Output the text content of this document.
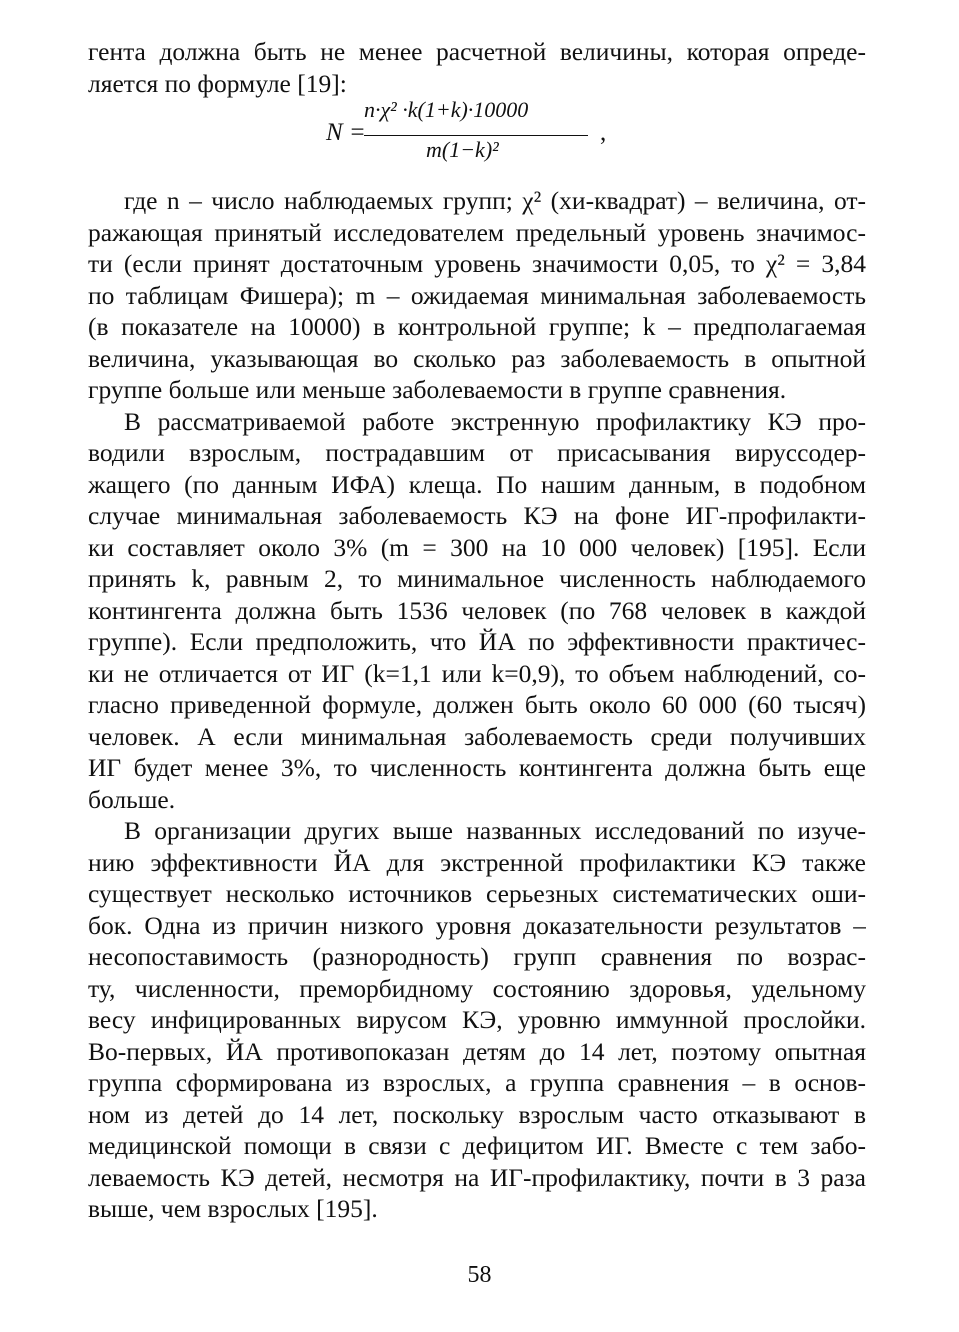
гента должна быть не менее расчетной величины, которая опреде-
ляется по формуле [19]:
N =
n·χ² ·k(1+k)·10000
m(1−k)²
,
где n – число наблюдаемых групп; χ² (хи-квадрат) – величина, от-
ражающая принятый исследователем предельный уровень значимос-
ти (если принят достаточным уровень значимости 0,05, то χ² = 3,84
по таблицам Фишера); m – ожидаемая минимальная заболеваемость
(в показателе на 10000) в контрольной группе; k – предполагаемая
величина, указывающая во сколько раз заболеваемость в опытной
группе больше или меньше заболеваемости в группе сравнения.
В рассматриваемой работе экстренную профилактику КЭ про-
водили взрослым, пострадавшим от присасывания вируссодер-
жащего (по данным ИФА) клеща. По нашим данным, в подобном
случае минимальная заболеваемость КЭ на фоне ИГ-профилакти-
ки составляет около 3% (m = 300 на 10 000 человек) [195]. Если
принять k, равным 2, то минимальное численность наблюдаемого
контингента должна быть 1536 человек (по 768 человек в каждой
группе). Если предположить, что ЙА по эффективности практичес-
ки не отличается от ИГ (k=1,1 или k=0,9), то объем наблюдений, со-
гласно приведенной формуле, должен быть около 60 000 (60 тысяч)
человек. А если минимальная заболеваемость среди получивших
ИГ будет менее 3%, то численность контингента должна быть еще
больше.
В организации других выше названных исследований по изуче-
нию эффективности ЙА для экстренной профилактики КЭ также
существует несколько источников серьезных систематических оши-
бок. Одна из причин низкого уровня доказательности результатов –
несопоставимость (разнородность) групп сравнения по возрас-
ту, численности, преморбидному состоянию здоровья, удельному
весу инфицированных вирусом КЭ, уровню иммунной прослойки.
Во-первых, ЙА противопоказан детям до 14 лет, поэтому опытная
группа сформирована из взрослых, а группа сравнения – в основ-
ном из детей до 14 лет, поскольку взрослым часто отказывают в
медицинской помощи в связи с дефицитом ИГ. Вместе с тем забо-
леваемость КЭ детей, несмотря на ИГ-профилактику, почти в 3 раза
выше, чем взрослых [195].
58
